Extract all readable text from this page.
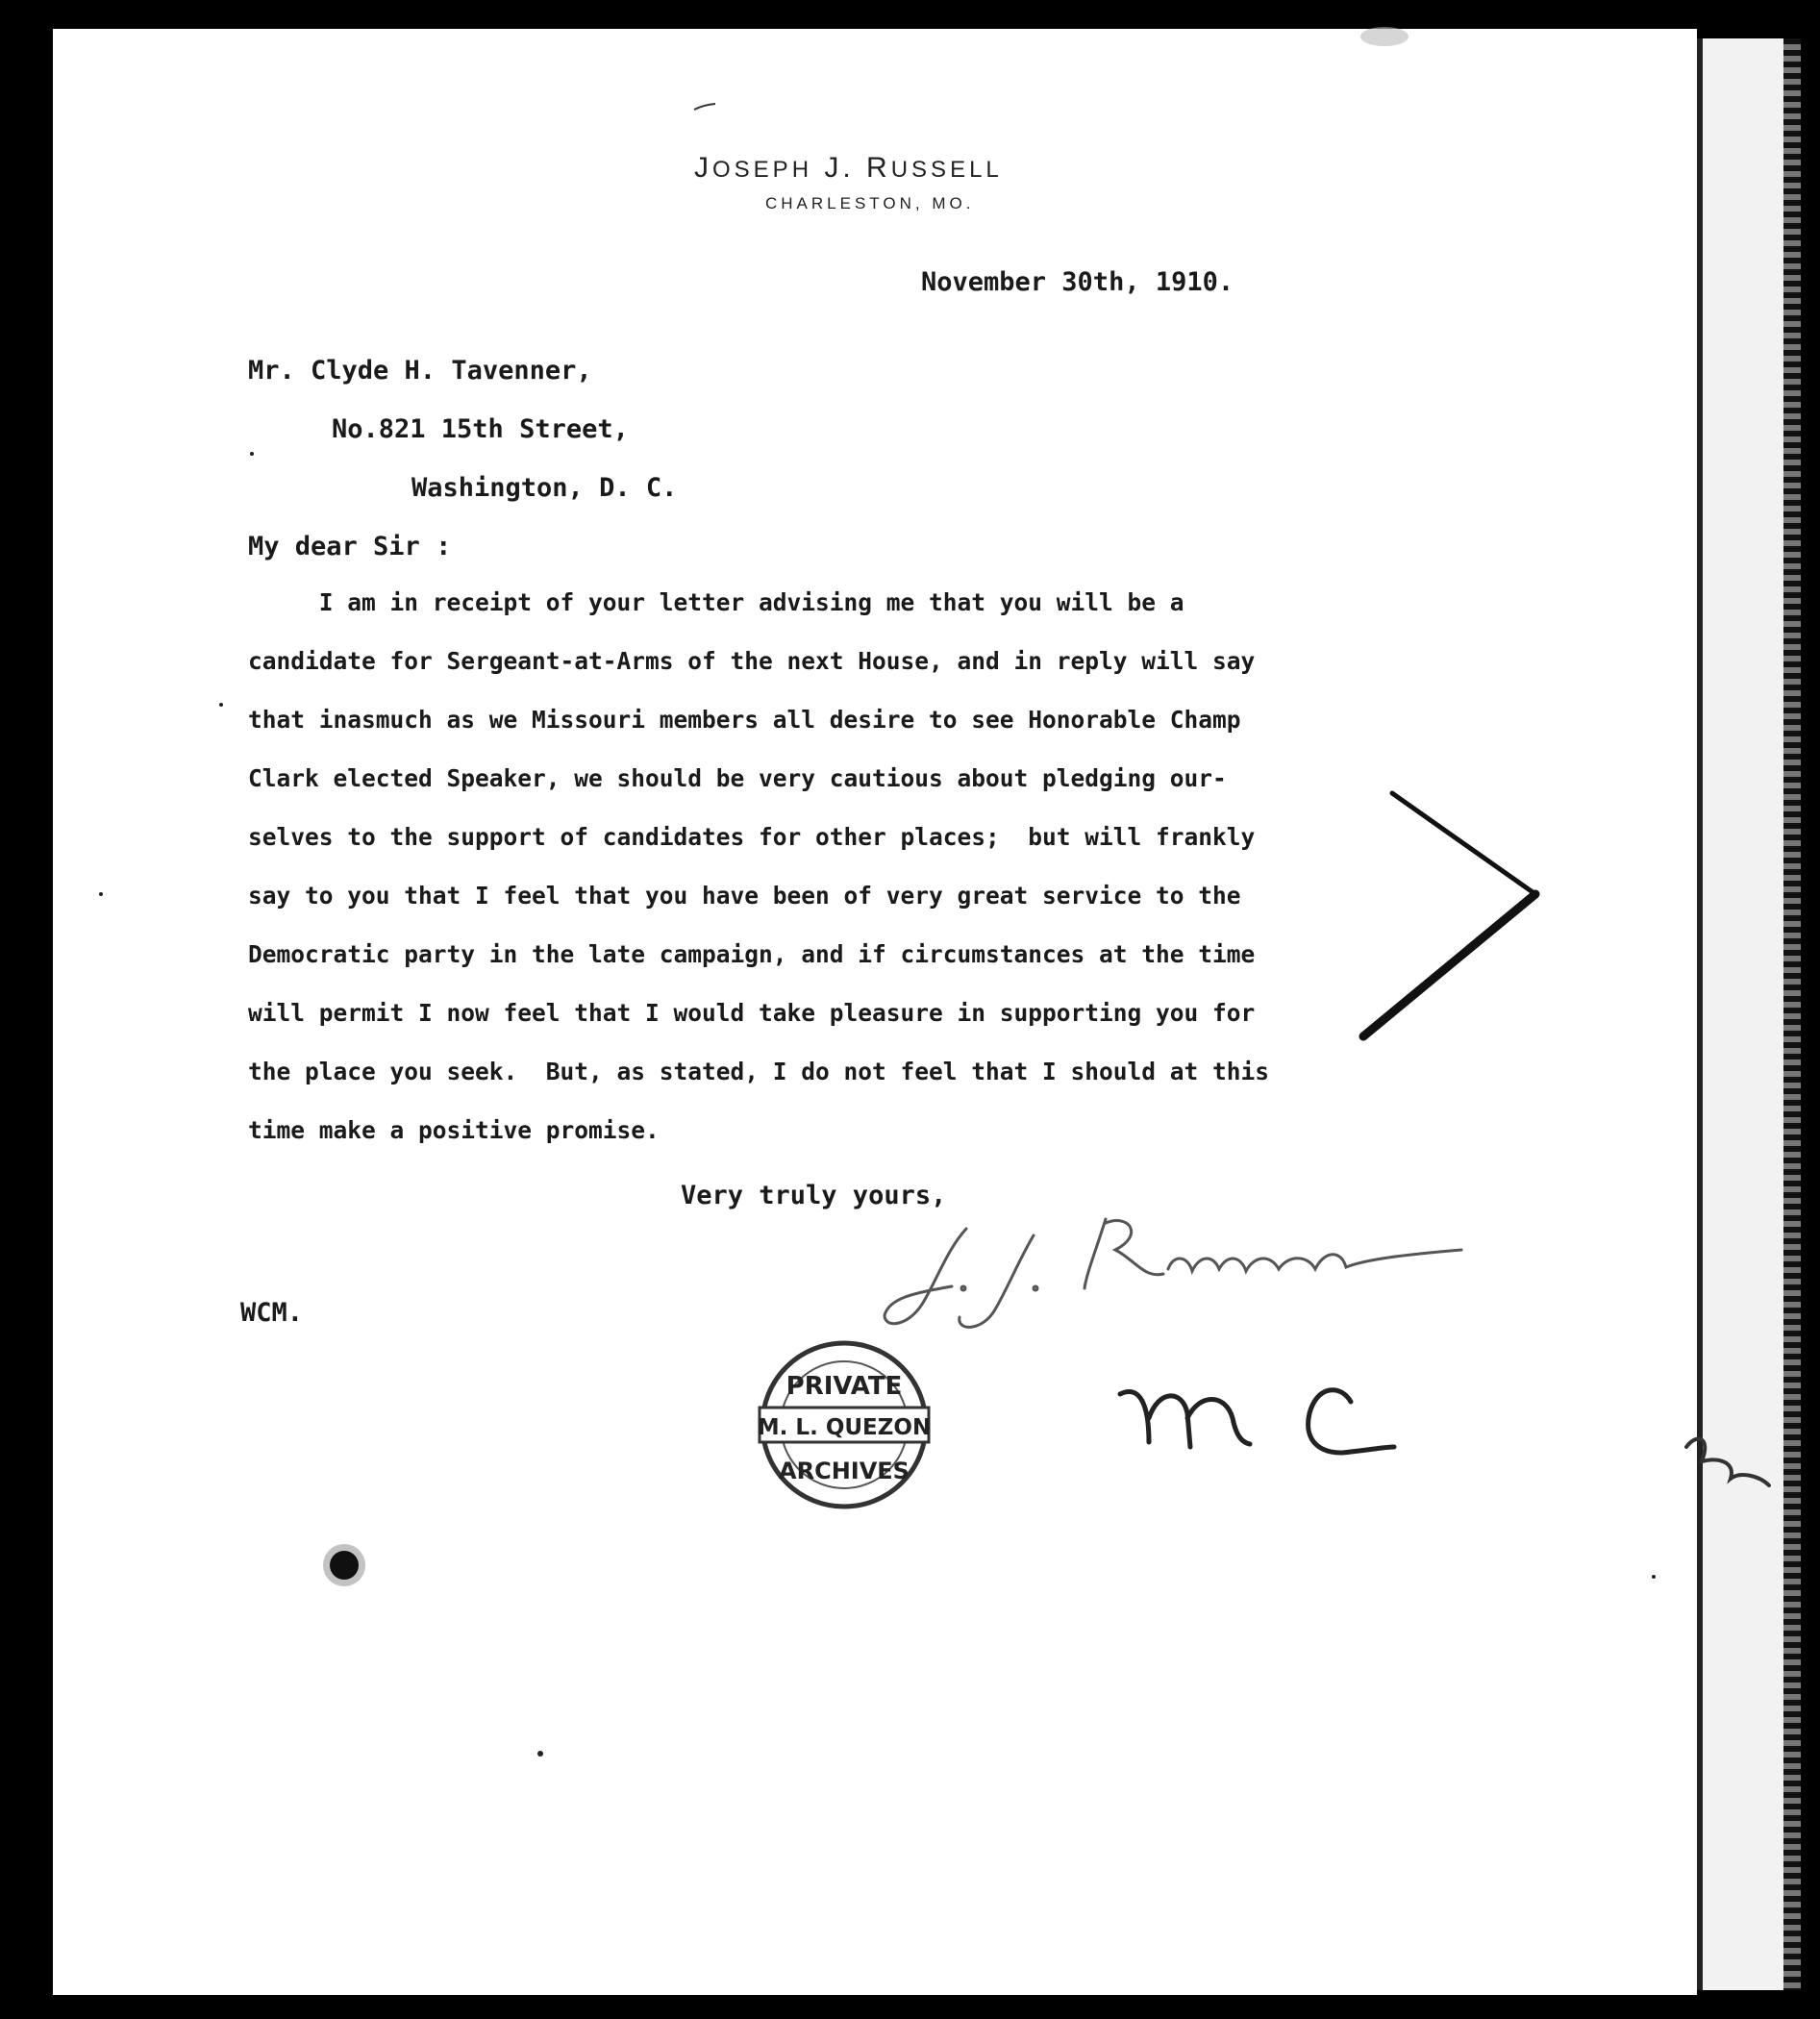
JOSEPH J. RUSSELL
CHARLESTON, MO.

November 30th, 1910.

Mr. Clyde H. Tavenner,

No.821 15th Street,

Washington, D. C.

My dear Sir :

I am in receipt of your letter advising me that you will be a
candidate for Sergeant-at-Arms of the next House, and in reply will say
that inasmuch as we Missouri members all desire to see Honorable Champ
Clark elected Speaker, we should be very cautious about pledging our-
selves to the support of candidates for other places;  but will frankly
say to you that I feel that you have been of very great service to the
Democratic party in the late campaign, and if circumstances at the time
will permit I now feel that I would take pleasure in supporting you for
the place you seek.  But, as stated, I do not feel that I should at this
time make a positive promise.

Very truly yours,

WCM.

M. L. QUEZON
PRIVATE
ARCHIVES
